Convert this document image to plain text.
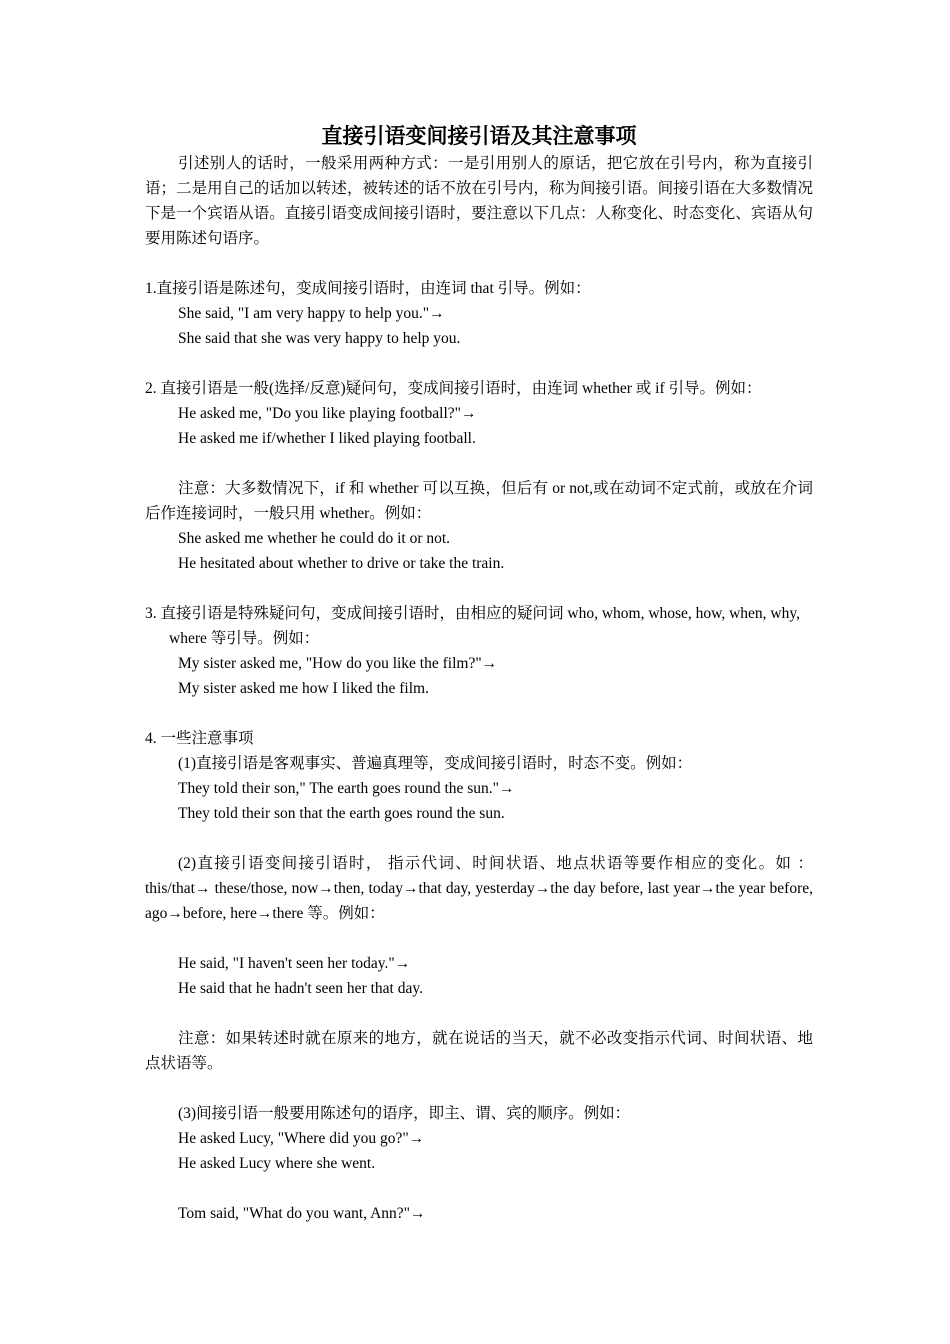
直接引语变间接引语及其注意事项

引述别人的话时，一般采用两种方式：一是引用别人的原话，把它放在引号内，称为直接引语；二是用自己的话加以转述，被转述的话不放在引号内，称为间接引语。间接引语在大多数情况下是一个宾语从语。直接引语变成间接引语时，要注意以下几点：人称变化、时态变化、宾语从句要用陈述句语序。

1.直接引语是陈述句，变成间接引语时，由连词 that 引导。例如：

She said, "I am very happy to help you."→

She said that she was very happy to help you.

2. 直接引语是一般(选择/反意)疑问句，变成间接引语时，由连词 whether 或 if 引导。例如：

He asked me, "Do you like playing football?"→

He asked me if/whether I liked playing football.

注意：大多数情况下，if 和 whether 可以互换，但后有 or not,或在动词不定式前，或放在介词后作连接词时，一般只用 whether。例如：

She asked me whether he could do it or not.

He hesitated about whether to drive or take the train.

3. 直接引语是特殊疑问句，变成间接引语时，由相应的疑问词 who, whom, whose, how, when, why, where 等引导。例如：

My sister asked me, "How do you like the film?"→

My sister asked me how I liked the film.

4. 一些注意事项

(1)直接引语是客观事实、普遍真理等，变成间接引语时，时态不变。例如：

They told their son," The earth goes round the sun."→

They told their son that the earth goes round the sun.

(2)直接引语变间接引语时， 指示代词、时间状语、地点状语等要作相应的变化。如 ：this/that→ these/those, now→then, today→that day, yesterday→the day before, last year→the year before, ago→before, here→there 等。例如：

He said, "I haven't seen her today."→

He said that he hadn't seen her that day.

注意：如果转述时就在原来的地方，就在说话的当天，就不必改变指示代词、时间状语、地点状语等。

(3)间接引语一般要用陈述句的语序，即主、谓、宾的顺序。例如：

He asked Lucy, "Where did you go?"→

He asked Lucy where she went.

Tom said, "What do you want, Ann?"→
